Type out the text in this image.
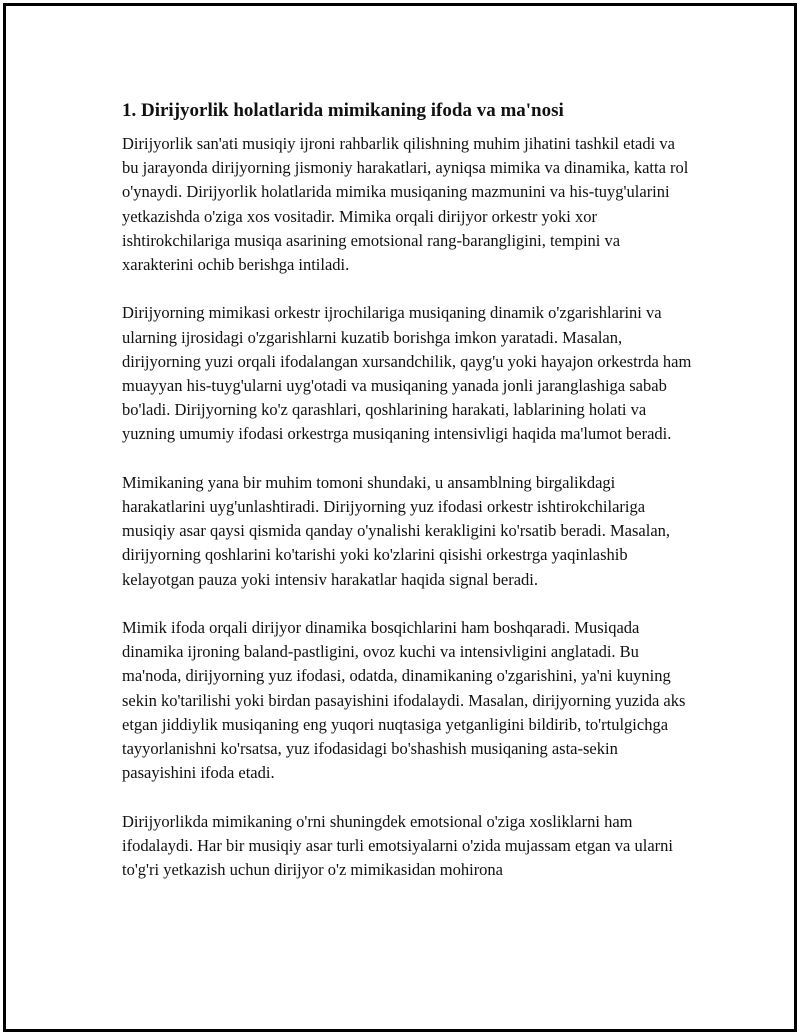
1. Dirijyorlik holatlarida mimikaning ifoda va ma'nosi

Dirijyorlik san'ati musiqiy ijroni rahbarlik qilishning muhim jihatini tashkil etadi va bu jarayonda dirijyorning jismoniy harakatlari, ayniqsa mimika va dinamika, katta rol o'ynaydi. Dirijyorlik holatlarida mimika musiqaning mazmunini va his-tuyg'ularini yetkazishda o'ziga xos vositadir. Mimika orqali dirijyor orkestr yoki xor ishtirokchilariga musiqa asarining emotsional rang-barangligini, tempini va xarakterini ochib berishga intiladi.

Dirijyorning mimikasi orkestr ijrochilariga musiqaning dinamik o'zgarishlarini va ularning ijrosidagi o'zgarishlarni kuzatib borishga imkon yaratadi. Masalan, dirijyorning yuzi orqali ifodalangan xursandchilik, qayg'u yoki hayajon orkestrda ham muayyan his-tuyg'ularni uyg'otadi va musiqaning yanada jonli jaranglashiga sabab bo'ladi. Dirijyorning ko'z qarashlari, qoshlarining harakati, lablarining holati va yuzning umumiy ifodasi orkestrga musiqaning intensivligi haqida ma'lumot beradi.

Mimikaning yana bir muhim tomoni shundaki, u ansamblning birgalikdagi harakatlarini uyg'unlashtiradi. Dirijyorning yuz ifodasi orkestr ishtirokchilariga musiqiy asar qaysi qismida qanday o'ynalishi kerakligini ko'rsatib beradi. Masalan, dirijyorning qoshlarini ko'tarishi yoki ko'zlarini qisishi orkestrga yaqinlashib kelayotgan pauza yoki intensiv harakatlar haqida signal beradi.

Mimik ifoda orqali dirijyor dinamika bosqichlarini ham boshqaradi. Musiqada dinamika ijroning baland-pastligini, ovoz kuchi va intensivligini anglatadi. Bu ma'noda, dirijyorning yuz ifodasi, odatda, dinamikaning o'zgarishini, ya'ni kuyning sekin ko'tarilishi yoki birdan pasayishini ifodalaydi. Masalan, dirijyorning yuzida aks etgan jiddiylik musiqaning eng yuqori nuqtasiga yetganligini bildirib, to'rtulgichga tayyorlanishni ko'rsatsa, yuz ifodasidagi bo'shashish musiqaning asta-sekin pasayishini ifoda etadi.

Dirijyorlikda mimikaning o'rni shuningdek emotsional o'ziga xosliklarni ham ifodalaydi. Har bir musiqiy asar turli emotsiyalarni o'zida mujassam etgan va ularni to'g'ri yetkazish uchun dirijyor o'z mimikasidan mohirona
